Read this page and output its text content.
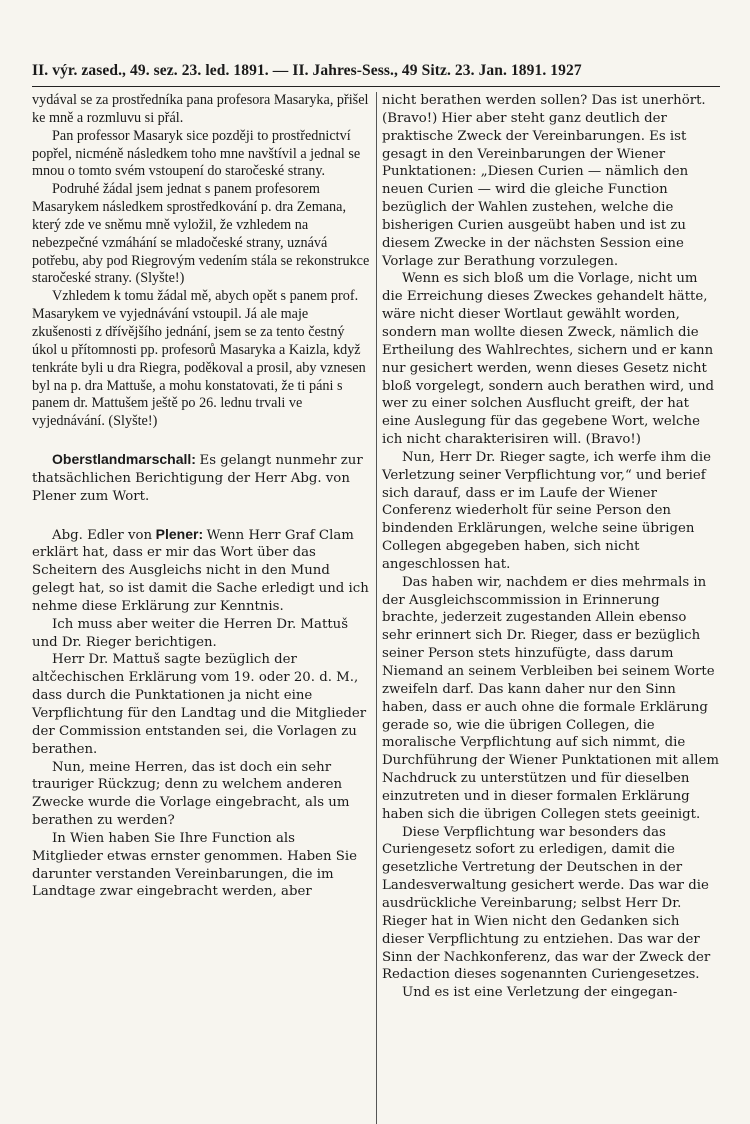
II. výr. zased., 49. sez. 23. led. 1891. — II. Jahres-Sess., 49 Sitz. 23. Jan. 1891. 1927

vydával se za prostředníka pana profesora Masaryka, přišel ke mně a rozmluvu si přál.

Pan professor Masaryk sice později to prostřednictví popřel, nicméně následkem toho mne navštívil a jednal se mnou o tomto svém vstoupení do staročeské strany.

Podruhé žádal jsem jednat s panem profesorem Masarykem následkem sprostředkování p. dra Zemana, který zde ve sněmu mně vyložil, že vzhledem na nebezpečné vzmáhání se mladočeské strany, uznává potřebu, aby pod Riegrovým vedením stála se rekonstrukce staročeské strany. (Slyšte!)

Vzhledem k tomu žádal mě, abych opět s panem prof. Masarykem ve vyjednávání vstoupil. Já ale maje zkušenosti z dřívějšího jednání, jsem se za tento čestný úkol u přítomnosti pp. profesorů Masaryka a Kaizla, když tenkráte byli u dra Riegra, poděkoval a prosil, aby vznesen byl na p. dra Mattuše, a mohu konstatovati, že ti páni s panem dr. Mattušem ještě po 26. lednu trvali ve vyjednávání. (Slyšte!)

Oberstlandmarschall: Es gelangt nunmehr zur thatsächlichen Berichtigung der Herr Abg. von Plener zum Wort.

Abg. Edler von Plener: Wenn Herr Graf Clam erklärt hat, dass er mir das Wort über das Scheitern des Ausgleichs nicht in den Mund gelegt hat, so ist damit die Sache erledigt und ich nehme diese Erklärung zur Kenntnis.

Ich muss aber weiter die Herren Dr. Mattuš und Dr. Rieger berichtigen.

Herr Dr. Mattuš sagte bezüglich der altčechischen Erklärung vom 19. oder 20. d. M., dass durch die Punktationen ja nicht eine Verpflichtung für den Landtag und die Mitglieder der Commission entstanden sei, die Vorlagen zu berathen.

Nun, meine Herren, das ist doch ein sehr trauriger Rückzug; denn zu welchem anderen Zwecke wurde die Vorlage eingebracht, als um berathen zu werden?

In Wien haben Sie Ihre Function als Mitglieder etwas ernster genommen. Haben Sie darunter verstanden Vereinbarungen, die im Landtage zwar eingebracht werden, aber

nicht berathen werden sollen? Das ist unerhört. (Bravo!) Hier aber steht ganz deutlich der praktische Zweck der Vereinbarungen. Es ist gesagt in den Vereinbarungen der Wiener Punktationen: „Diesen Curien — nämlich den neuen Curien — wird die gleiche Function bezüglich der Wahlen zustehen, welche die bisherigen Curien ausgeübt haben und ist zu diesem Zwecke in der nächsten Session eine Vorlage zur Berathung vorzulegen.

Wenn es sich bloß um die Vorlage, nicht um die Erreichung dieses Zweckes gehandelt hätte, wäre nicht dieser Wortlaut gewählt worden, sondern man wollte diesen Zweck, nämlich die Ertheilung des Wahlrechtes, sichern und er kann nur gesichert werden, wenn dieses Gesetz nicht bloß vorgelegt, sondern auch berathen wird, und wer zu einer solchen Ausflucht greift, der hat eine Auslegung für das gegebene Wort, welche ich nicht charakterisiren will. (Bravo!)

Nun, Herr Dr. Rieger sagte, ich werfe ihm die Verletzung seiner Verpflichtung vor,“ und berief sich darauf, dass er im Laufe der Wiener Conferenz wiederholt für seine Person den bindenden Erklärungen, welche seine übrigen Collegen abgegeben haben, sich nicht angeschlossen hat.

Das haben wir, nachdem er dies mehrmals in der Ausgleichscommission in Erinnerung brachte, jederzeit zugestanden Allein ebenso sehr erinnert sich Dr. Rieger, dass er bezüglich seiner Person stets hinzufügte, dass darum Niemand an seinem Verbleiben bei seinem Worte zweifeln darf. Das kann daher nur den Sinn haben, dass er auch ohne die formale Erklärung gerade so, wie die übrigen Collegen, die moralische Verpflichtung auf sich nimmt, die Durchführung der Wiener Punktationen mit allem Nachdruck zu unterstützen und für dieselben einzutreten und in dieser formalen Erklärung haben sich die übrigen Collegen stets geeinigt.

Diese Verpflichtung war besonders das Curiengesetz sofort zu erledigen, damit die gesetzliche Vertretung der Deutschen in der Landesverwaltung gesichert werde. Das war die ausdrückliche Vereinbarung; selbst Herr Dr. Rieger hat in Wien nicht den Gedanken sich dieser Verpflichtung zu entziehen. Das war der Sinn der Nachkonferenz, das war der Zweck der Redaction dieses sogenannten Curiengesetzes.

Und es ist eine Verletzung der eingegan-
